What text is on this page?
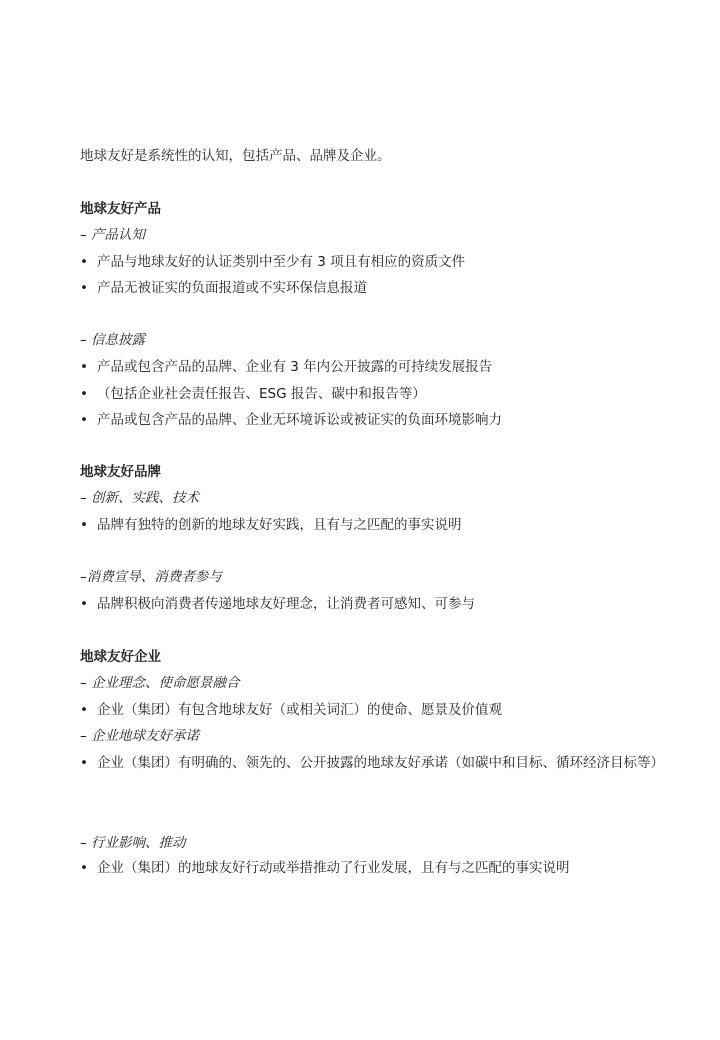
地球友好是系统性的认知，包括产品、品牌及企业。
地球友好产品
– 产品认知
• 产品与地球友好的认证类别中至少有 3 项且有相应的资质文件
• 产品无被证实的负面报道或不实环保信息报道
– 信息披露
• 产品或包含产品的品牌、企业有 3 年内公开披露的可持续发展报告
• （包括企业社会责任报告、ESG 报告、碳中和报告等）
• 产品或包含产品的品牌、企业无环境诉讼或被证实的负面环境影响力
地球友好品牌
– 创新、实践、技术
• 品牌有独特的创新的地球友好实践，且有与之匹配的事实说明
–消费宣导、消费者参与
• 品牌积极向消费者传递地球友好理念，让消费者可感知、可参与
地球友好企业
– 企业理念、使命愿景融合
• 企业（集团）有包含地球友好（或相关词汇）的使命、愿景及价值观
– 企业地球友好承诺
• 企业（集团）有明确的、领先的、公开披露的地球友好承诺（如碳中和目标、循环经济目标等）
– 行业影响、推动
• 企业（集团）的地球友好行动或举措推动了行业发展，且有与之匹配的事实说明
